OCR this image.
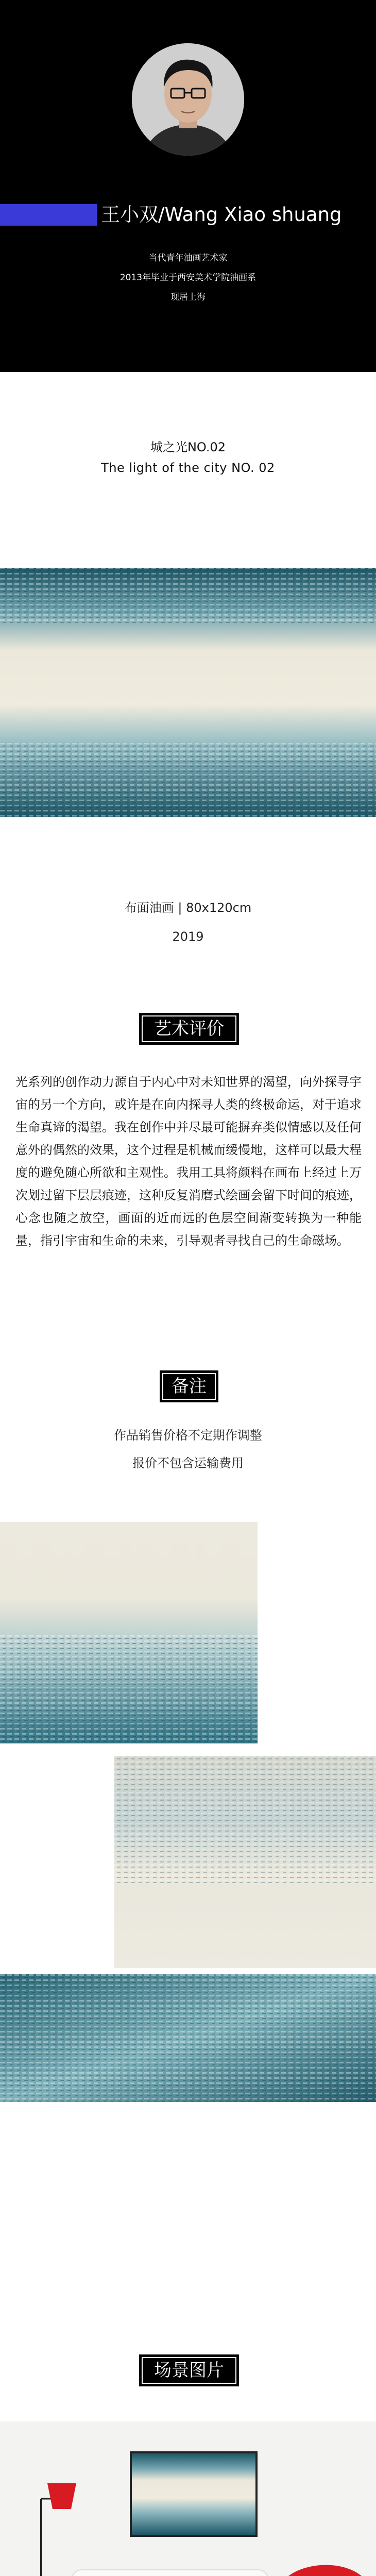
王小双/Wang Xiao shuang
当代青年油画艺术家
2013年毕业于西安美术学院油画系
现居上海
城之光NO.02
The light of the city NO. 02
布面油画 | 80x120cm
2019
艺术评价
光系列的创作动力源自于内心中对未知世界的渴望，向外探寻宇宙的另一个方向，或许是在向内探寻人类的终极命运，对于追求生命真谛的渴望。我在创作中并尽最可能摒弃类似情感以及任何意外的偶然的效果，这个过程是机械而缓慢地，这样可以最大程度的避免随心所欲和主观性。我用工具将颜料在画布上经过上万次划过留下层层痕迹，这种反复消磨式绘画会留下时间的痕迹，心念也随之放空，画面的近而远的色层空间渐变转换为一种能量，指引宇宙和生命的未来，引导观者寻找自己的生命磁场。
备注
作品销售价格不定期作调整
报价不包含运输费用
场景图片
